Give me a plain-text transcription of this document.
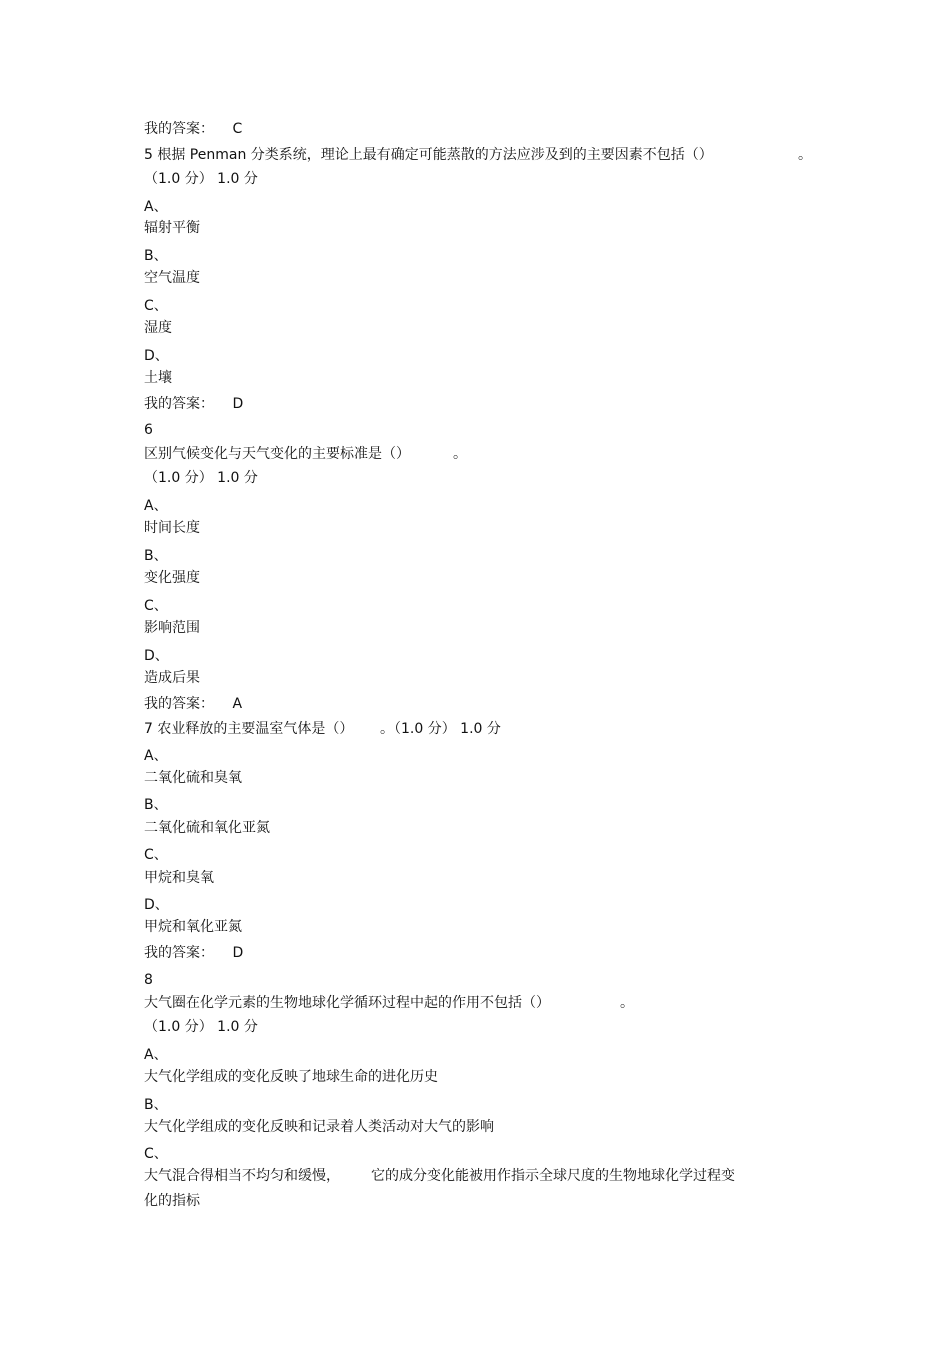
我的答案： C
5 根据 Penman 分类系统，理论上最有确定可能蒸散的方法应涉及到的主要因素不包括（）	。
（1.0 分） 1.0 分
A、
辐射平衡
B、
空气温度
C、
湿度
D、
土壤
我的答案： D
6
区别气候变化与天气变化的主要标准是（）	。
（1.0 分） 1.0 分
A、
时间长度
B、
变化强度
C、
影响范围
D、
造成后果
我的答案： A
7 农业释放的主要温室气体是（） 。（1.0 分） 1.0 分
A、
二氧化硫和臭氧
B、
二氧化硫和氧化亚氮
C、
甲烷和臭氧
D、
甲烷和氧化亚氮
我的答案： D
8
大气圈在化学元素的生物地球化学循环过程中起的作用不包括（）	。
（1.0 分） 1.0 分
A、
大气化学组成的变化反映了地球生命的进化历史
B、
大气化学组成的变化反映和记录着人类活动对大气的影响
C、
大气混合得相当不均匀和缓慢， 它的成分变化能被用作指示全球尺度的生物地球化学过程变
化的指标
